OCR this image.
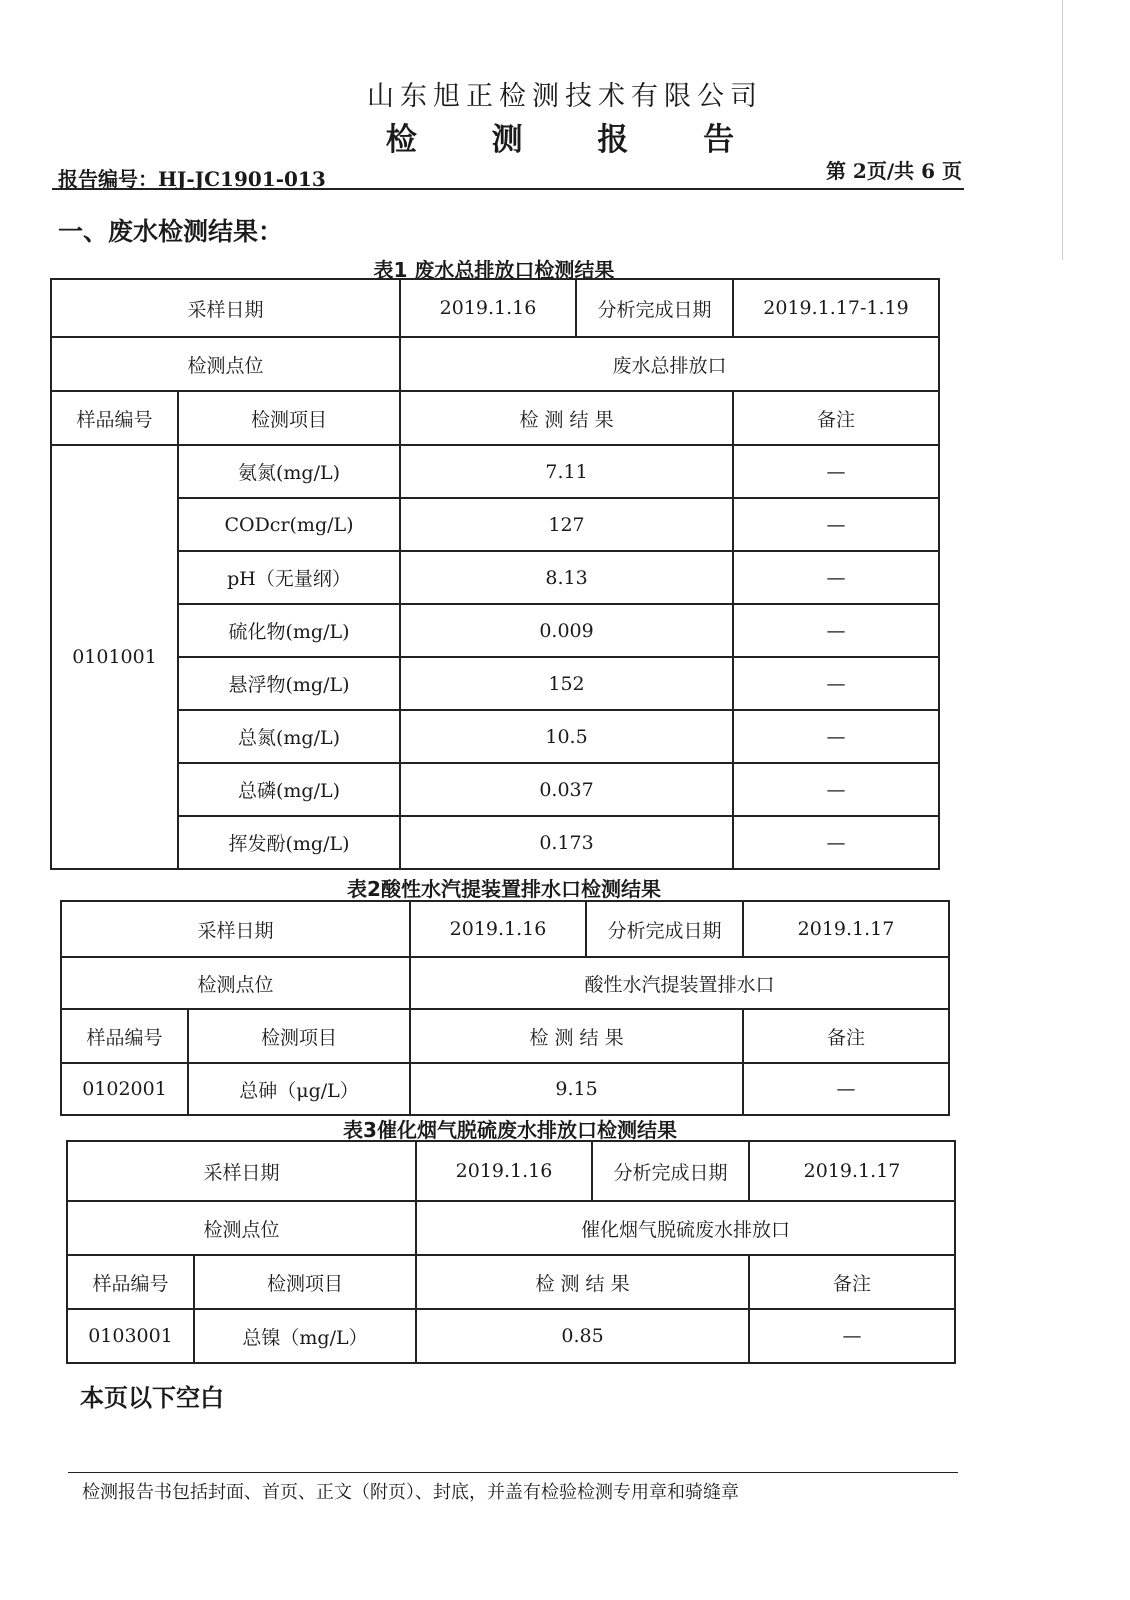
山东旭正检测技术有限公司
检 测 报 告
报告编号：HJ-JC1901-013	第 2页/共 6 页
一、废水检测结果：
表1 废水总排放口检测结果
采样日期		2019.1.16	分析完成日期	2019.1.17-1.19
检测点位		废水总排放口		
样品编号	检测项目	检 测 结 果		备注
0101001	氨氮(mg/L)	7.11		—
	CODcr(mg/L)	127		—
	pH（无量纲）	8.13		—
	硫化物(mg/L)	0.009		—
	悬浮物(mg/L)	152		—
	总氮(mg/L)	10.5		—
	总磷(mg/L)	0.037		—
	挥发酚(mg/L)	0.173		—
表2酸性水汽提装置排水口检测结果
采样日期		2019.1.16	分析完成日期	2019.1.17
检测点位		酸性水汽提装置排水口		
样品编号	检测项目	检 测 结 果		备注
0102001	总砷（μg/L）	9.15		—
表3催化烟气脱硫废水排放口检测结果
采样日期		2019.1.16	分析完成日期	2019.1.17
检测点位		催化烟气脱硫废水排放口		
样品编号	检测项目	检 测 结 果		备注
0103001	总镍（mg/L）	0.85		—
本页以下空白
检测报告书包括封面、首页、正文（附页）、封底，并盖有检验检测专用章和骑缝章
